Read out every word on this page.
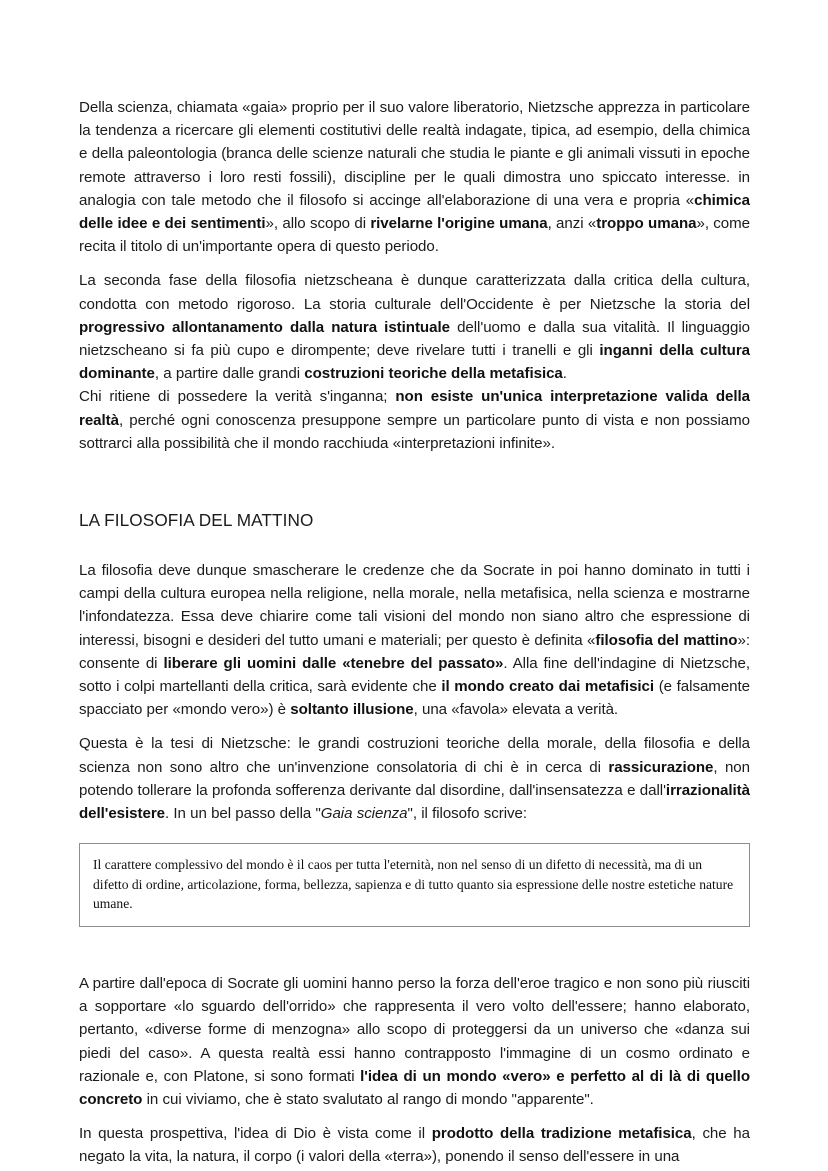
Della scienza, chiamata «gaia» proprio per il suo valore liberatorio, Nietzsche apprezza in particolare la tendenza a ricercare gli elementi costitutivi delle realtà indagate, tipica, ad esempio, della chimica e della paleontologia (branca delle scienze naturali che studia le piante e gli animali vissuti in epoche remote attraverso i loro resti fossili), discipline per le quali dimostra uno spiccato interesse. in analogia con tale metodo che il filosofo si accinge all'elaborazione di una vera e propria «chimica delle idee e dei sentimenti», allo scopo di rivelarne l'origine umana, anzi «troppo umana», come recita il titolo di un'importante opera di questo periodo.

La seconda fase della filosofia nietzscheana è dunque caratterizzata dalla critica della cultura, condotta con metodo rigoroso. La storia culturale dell'Occidente è per Nietzsche la storia del progressivo allontanamento dalla natura istintuale dell'uomo e dalla sua vitalità. Il linguaggio nietzscheano si fa più cupo e dirompente; deve rivelare tutti i tranelli e gli inganni della cultura dominante, a partire dalle grandi costruzioni teoriche della metafisica.
Chi ritiene di possedere la verità s'inganna; non esiste un'unica interpretazione valida della realtà, perché ogni conoscenza presuppone sempre un particolare punto di vista e non possiamo sottrarci alla possibilità che il mondo racchiuda «interpretazioni infinite».

LA FILOSOFIA DEL MATTINO

La filosofia deve dunque smascherare le credenze che da Socrate in poi hanno dominato in tutti i campi della cultura europea nella religione, nella morale, nella metafisica, nella scienza e mostrarne l'infondatezza. Essa deve chiarire come tali visioni del mondo non siano altro che espressione di interessi, bisogni e desideri del tutto umani e materiali; per questo è definita «filosofia del mattino»: consente di liberare gli uomini dalle «tenebre del passato». Alla fine dell'indagine di Nietzsche, sotto i colpi martellanti della critica, sarà evidente che il mondo creato dai metafisici (e falsamente spacciato per «mondo vero») è soltanto illusione, una «favola» elevata a verità.

Questa è la tesi di Nietzsche: le grandi costruzioni teoriche della morale, della filosofia e della scienza non sono altro che un'invenzione consolatoria di chi è in cerca di rassicurazione, non potendo tollerare la profonda sofferenza derivante dal disordine, dall'insensatezza e dall'irrazionalità dell'esistere. In un bel passo della "Gaia scienza", il filosofo scrive:

Il carattere complessivo del mondo è il caos per tutta l'eternità, non nel senso di un difetto di necessità, ma di un difetto di ordine, articolazione, forma, bellezza, sapienza e di tutto quanto sia espressione delle nostre estetiche nature umane.

A partire dall'epoca di Socrate gli uomini hanno perso la forza dell'eroe tragico e non sono più riusciti a sopportare «lo sguardo dell'orrido» che rappresenta il vero volto dell'essere; hanno elaborato, pertanto, «diverse forme di menzogna» allo scopo di proteggersi da un universo che «danza sui piedi del caso». A questa realtà essi hanno contrapposto l'immagine di un cosmo ordinato e razionale e, con Platone, si sono formati l'idea di un mondo «vero» e perfetto al di là di quello concreto in cui viviamo, che è stato svalutato al rango di mondo "apparente".

In questa prospettiva, l'idea di Dio è vista come il prodotto della tradizione metafisica, che ha negato la vita, la natura, il corpo (i valori della «terra»), ponendo il senso dell'essere in una
